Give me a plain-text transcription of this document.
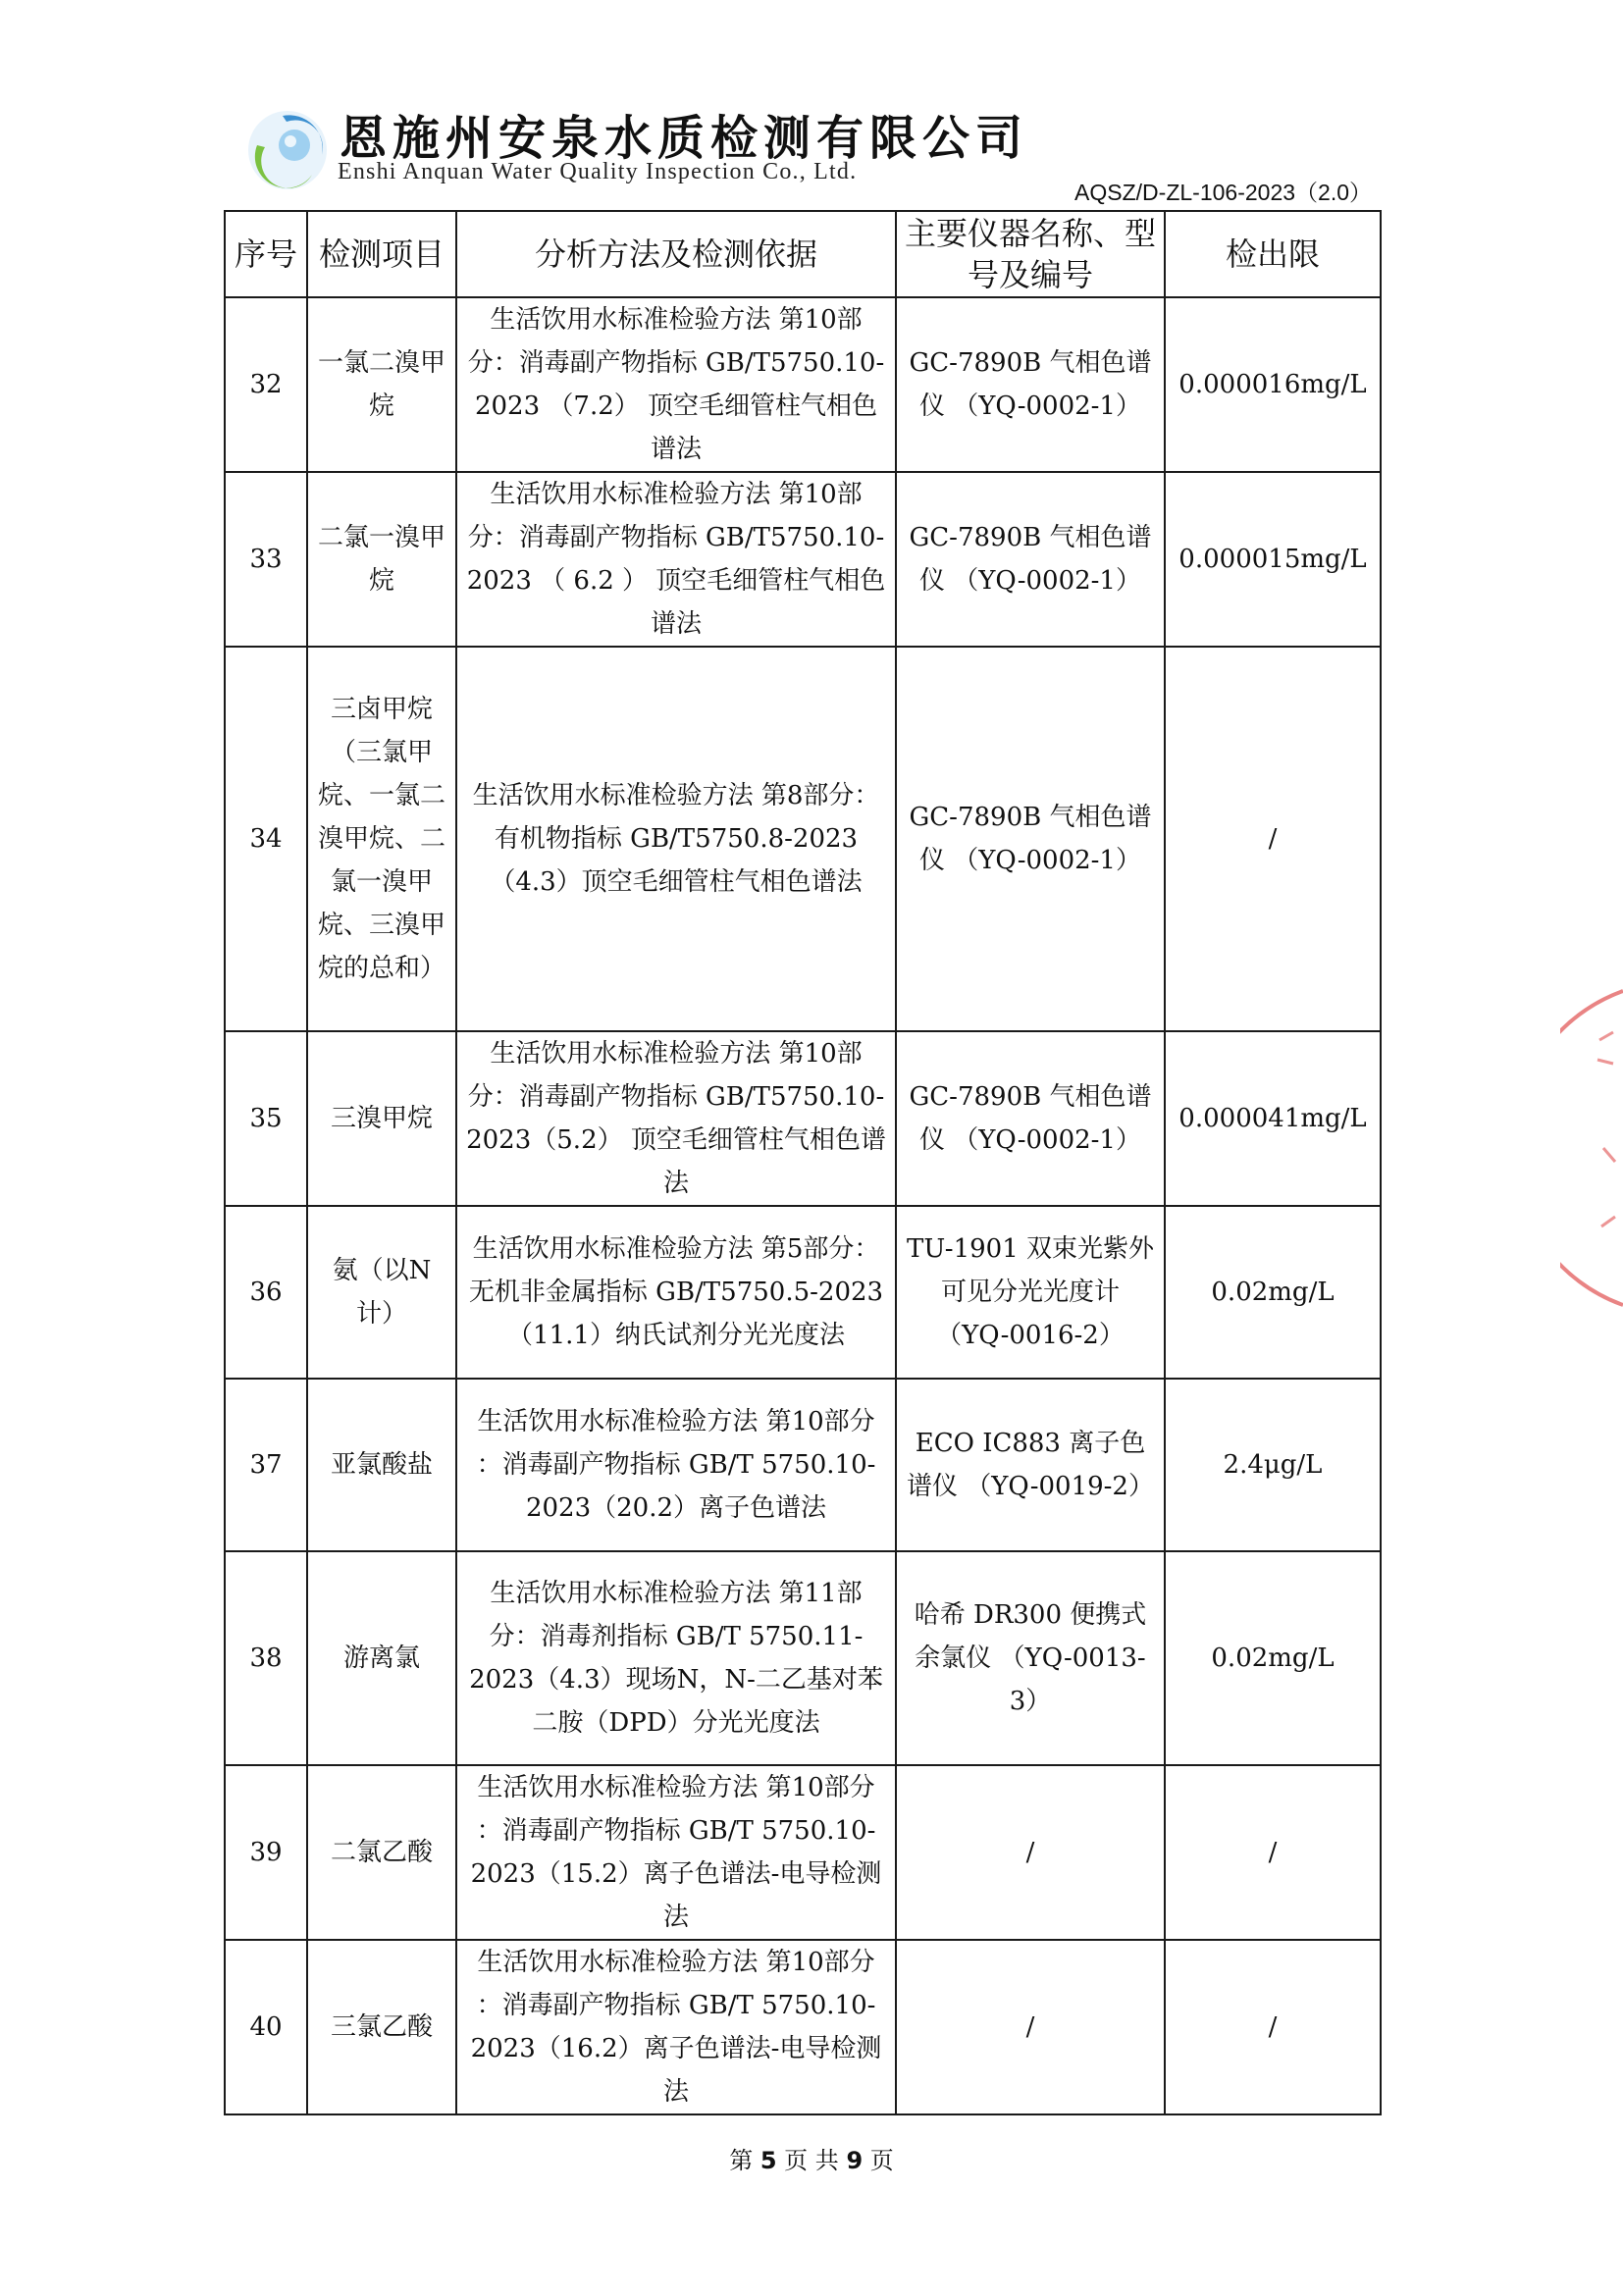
恩施州安泉水质检测有限公司
Enshi Anquan Water Quality Inspection Co., Ltd.
AQSZ/D-ZL-106-2023（2.0）
序号	检测项目	分析方法及检测依据	主要仪器名称、型号及编号	检出限
32	一氯二溴甲烷	生活饮用水标准检验方法 第10部分：消毒副产物指标 GB/T5750.10-2023 （7.2） 顶空毛细管柱气相色谱法	GC-7890B 气相色谱仪 （YQ-0002-1）	0.000016mg/L
33	二氯一溴甲烷	生活饮用水标准检验方法 第10部分：消毒副产物指标 GB/T5750.10-2023 （ 6.2 ） 顶空毛细管柱气相色谱法	GC-7890B 气相色谱仪 （YQ-0002-1）	0.000015mg/L
34	三卤甲烷（三氯甲烷、一氯二溴甲烷、二氯一溴甲烷、三溴甲烷的总和）	生活饮用水标准检验方法 第8部分：有机物指标 GB/T5750.8-2023 （4.3）顶空毛细管柱气相色谱法	GC-7890B 气相色谱仪 （YQ-0002-1）	/
35	三溴甲烷	生活饮用水标准检验方法 第10部分：消毒副产物指标 GB/T5750.10-2023（5.2） 顶空毛细管柱气相色谱法	GC-7890B 气相色谱仪 （YQ-0002-1）	0.000041mg/L
36	氨（以N计）	生活饮用水标准检验方法 第5部分：无机非金属指标 GB/T5750.5-2023（11.1）纳氏试剂分光光度法	TU-1901 双束光紫外可见分光光度计 （YQ-0016-2）	0.02mg/L
37	亚氯酸盐	生活饮用水标准检验方法 第10部分 ：消毒副产物指标 GB/T 5750.10-2023（20.2）离子色谱法	ECO IC883 离子色谱仪 （YQ-0019-2）	2.4μg/L
38	游离氯	生活饮用水标准检验方法 第11部分：消毒剂指标 GB/T 5750.11-2023（4.3）现场N，N-二乙基对苯二胺（DPD）分光光度法	哈希 DR300 便携式余氯仪 （YQ-0013-3）	0.02mg/L
39	二氯乙酸	生活饮用水标准检验方法 第10部分 ：消毒副产物指标 GB/T 5750.10-2023（15.2）离子色谱法-电导检测法	/	/
40	三氯乙酸	生活饮用水标准检验方法 第10部分 ：消毒副产物指标 GB/T 5750.10-2023（16.2）离子色谱法-电导检测法	/	/
第 5 页 共 9 页
